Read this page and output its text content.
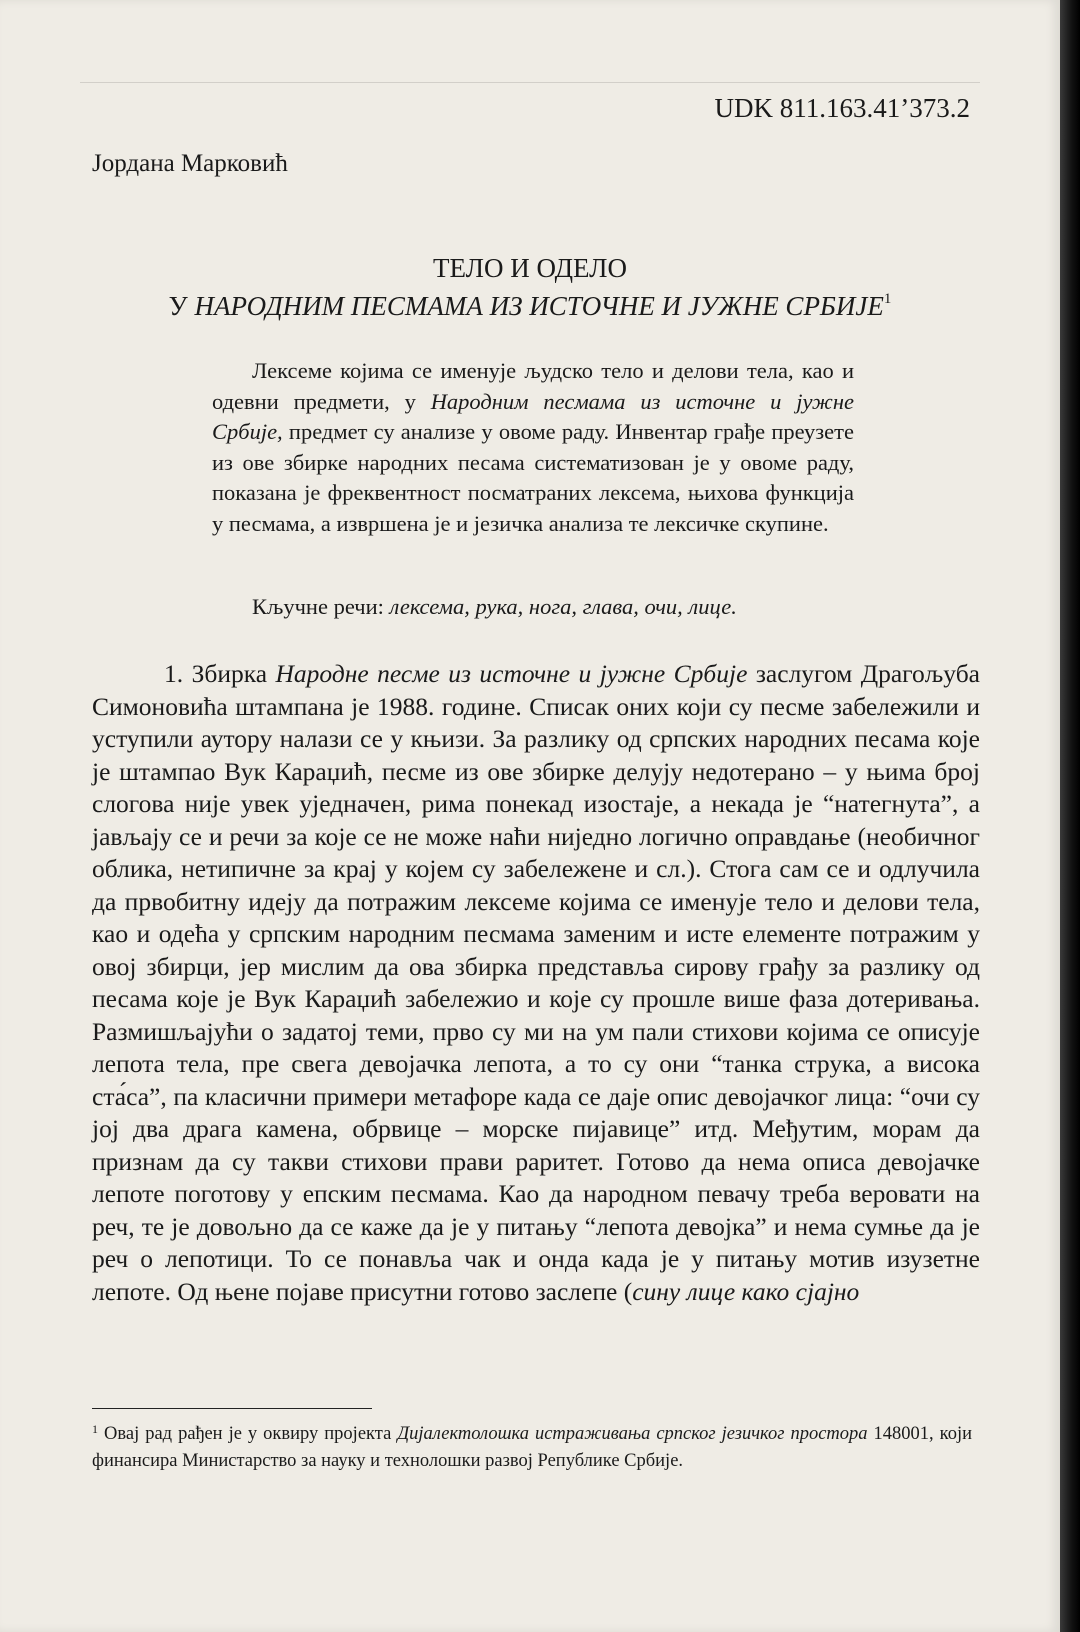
UDK 811.163.41’373.2
Јордана Марковић
ТЕЛО И ОДЕЛО
У НАРОДНИМ ПЕСМАМА ИЗ ИСТОЧНЕ И ЈУЖНЕ СРБИЈЕ$^1$

Лексеме којима се именује људско тело и делови тела, као и одевни предмети, у Народним песмама из источне и јужне Србије, предмет су анализе у овоме раду. Инвентар грађе преузете из ове збирке народних песама систематизован је у овоме раду, показана је фреквентност посматраних лексема, њихова функција у песмама, а извршена је и језичка анализа те лексичке скупине.

Кључне речи: лексема, рука, нога, глава, очи, лице.

1. Збирка Народне песме из источне и јужне Србије заслугом Драгољуба Симоновића штампана је 1988. године. Списак оних који су песме забележили и уступили аутору налази се у књизи. За разлику од српских народних песама које је штампао Вук Караџић, песме из ове збирке делују недотерано – у њима број слогова није увек уједначен, рима понекад изостаје, а некада је “натегнута”, а јављају се и речи за које се не може наћи ниједно логично оправдање (необичног облика, нетипичне за крај у којем су забележене и сл.). Стога сам се и одлучила да првобитну идеју да потражим лексеме којима се именује тело и делови тела, као и одећа у српским народним песмама заменим и исте елементе потражим у овој збирци, јер мислим да ова збирка представља сирову грађу за разлику од песама које је Вук Караџић забележио и које су прошле више фаза дотеривања. Размишљајући о задатој теми, прво су ми на ум пали стихови којима се описује лепота тела, пре свега девојачка лепота, а то су они “танка струка, а висока ста́са”, па класични примери метафоре када се даје опис девојачког лица: “очи су јој два драга камена, обрвице – морске пијавице” итд. Међутим, морам да признам да су такви стихови прави раритет. Готово да нема описа девојачке лепоте поготову у епским песмама. Као да народном певачу треба веровати на реч, те је довољно да се каже да је у питању “лепота девојка” и нема сумње да је реч о лепотици. То се понавља чак и онда када је у питању мотив изузетне лепоте. Од њене појаве присутни готово заслепе (сину лице како сјајно

$^1$ Овај рад рађен је у оквиру пројекта Дијалектолошка истраживања српског језичког простора 148001, који финансира Министарство за науку и технолошки развој Републике Србије.
